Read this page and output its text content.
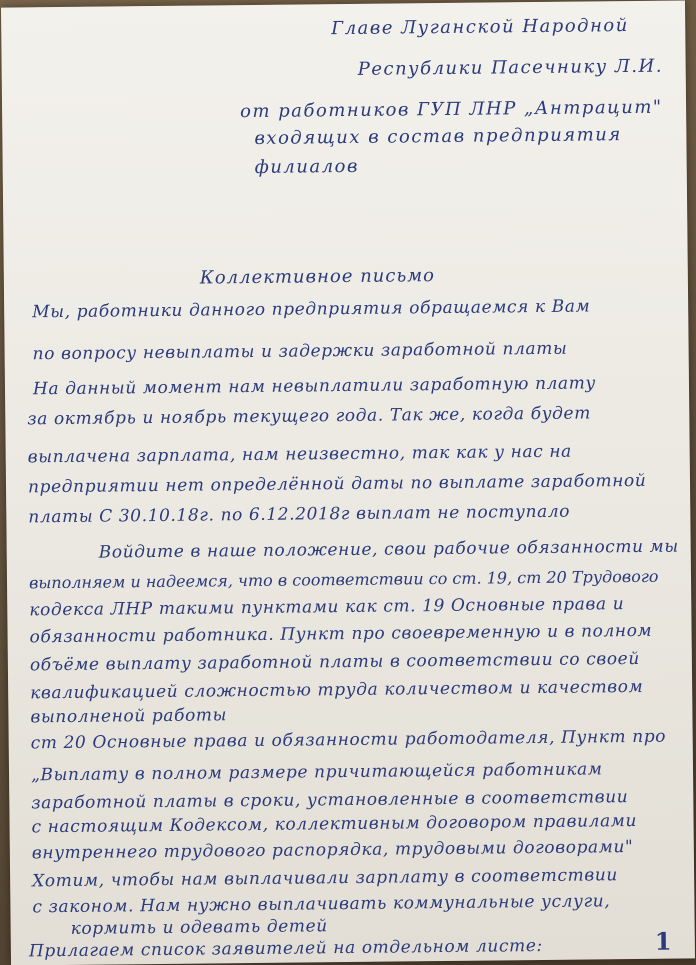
Главе Луганской Народной
Республики Пасечнику Л.И.
от работников ГУП ЛНР „Антрацит"
входящих в состав предприятия
филиалов
Коллективное письмо
Мы, работники данного предприятия обращаемся к Вам
по вопросу невыплаты и задержки заработной платы
На данный момент нам невыплатили заработную плату
за октябрь и ноябрь текущего года. Так же, когда будет
выплачена зарплата, нам неизвестно, так как у нас на
предприятии нет определённой даты по выплате заработной
платы С 30.10.18г. по 6.12.2018г выплат не поступало
Войдите в наше положение, свои рабочие обязанности мы
выполняем и надеемся, что в соответствии со ст. 19, ст 20 Трудового
кодекса ЛНР такими пунктами как ст. 19 Основные права и
обязанности работника. Пункт про своевременную и в полном
объёме выплату заработной платы в соответствии со своей
квалификацией сложностью труда количеством и качеством
выполненой работы
ст 20 Основные права и обязанности работодателя, Пункт про
„Выплату в полном размере причитающейся работникам
заработной платы в сроки, установленные в соответствии
с настоящим Кодексом, коллективным договором правилами
внутреннего трудового распорядка, трудовыми договорами"
Хотим, чтобы нам выплачивали зарплату в соответствии
с законом. Нам нужно выплачивать коммунальные услуги,
кормить и одевать детей
Прилагаем список заявителей на отдельном листе:	1
